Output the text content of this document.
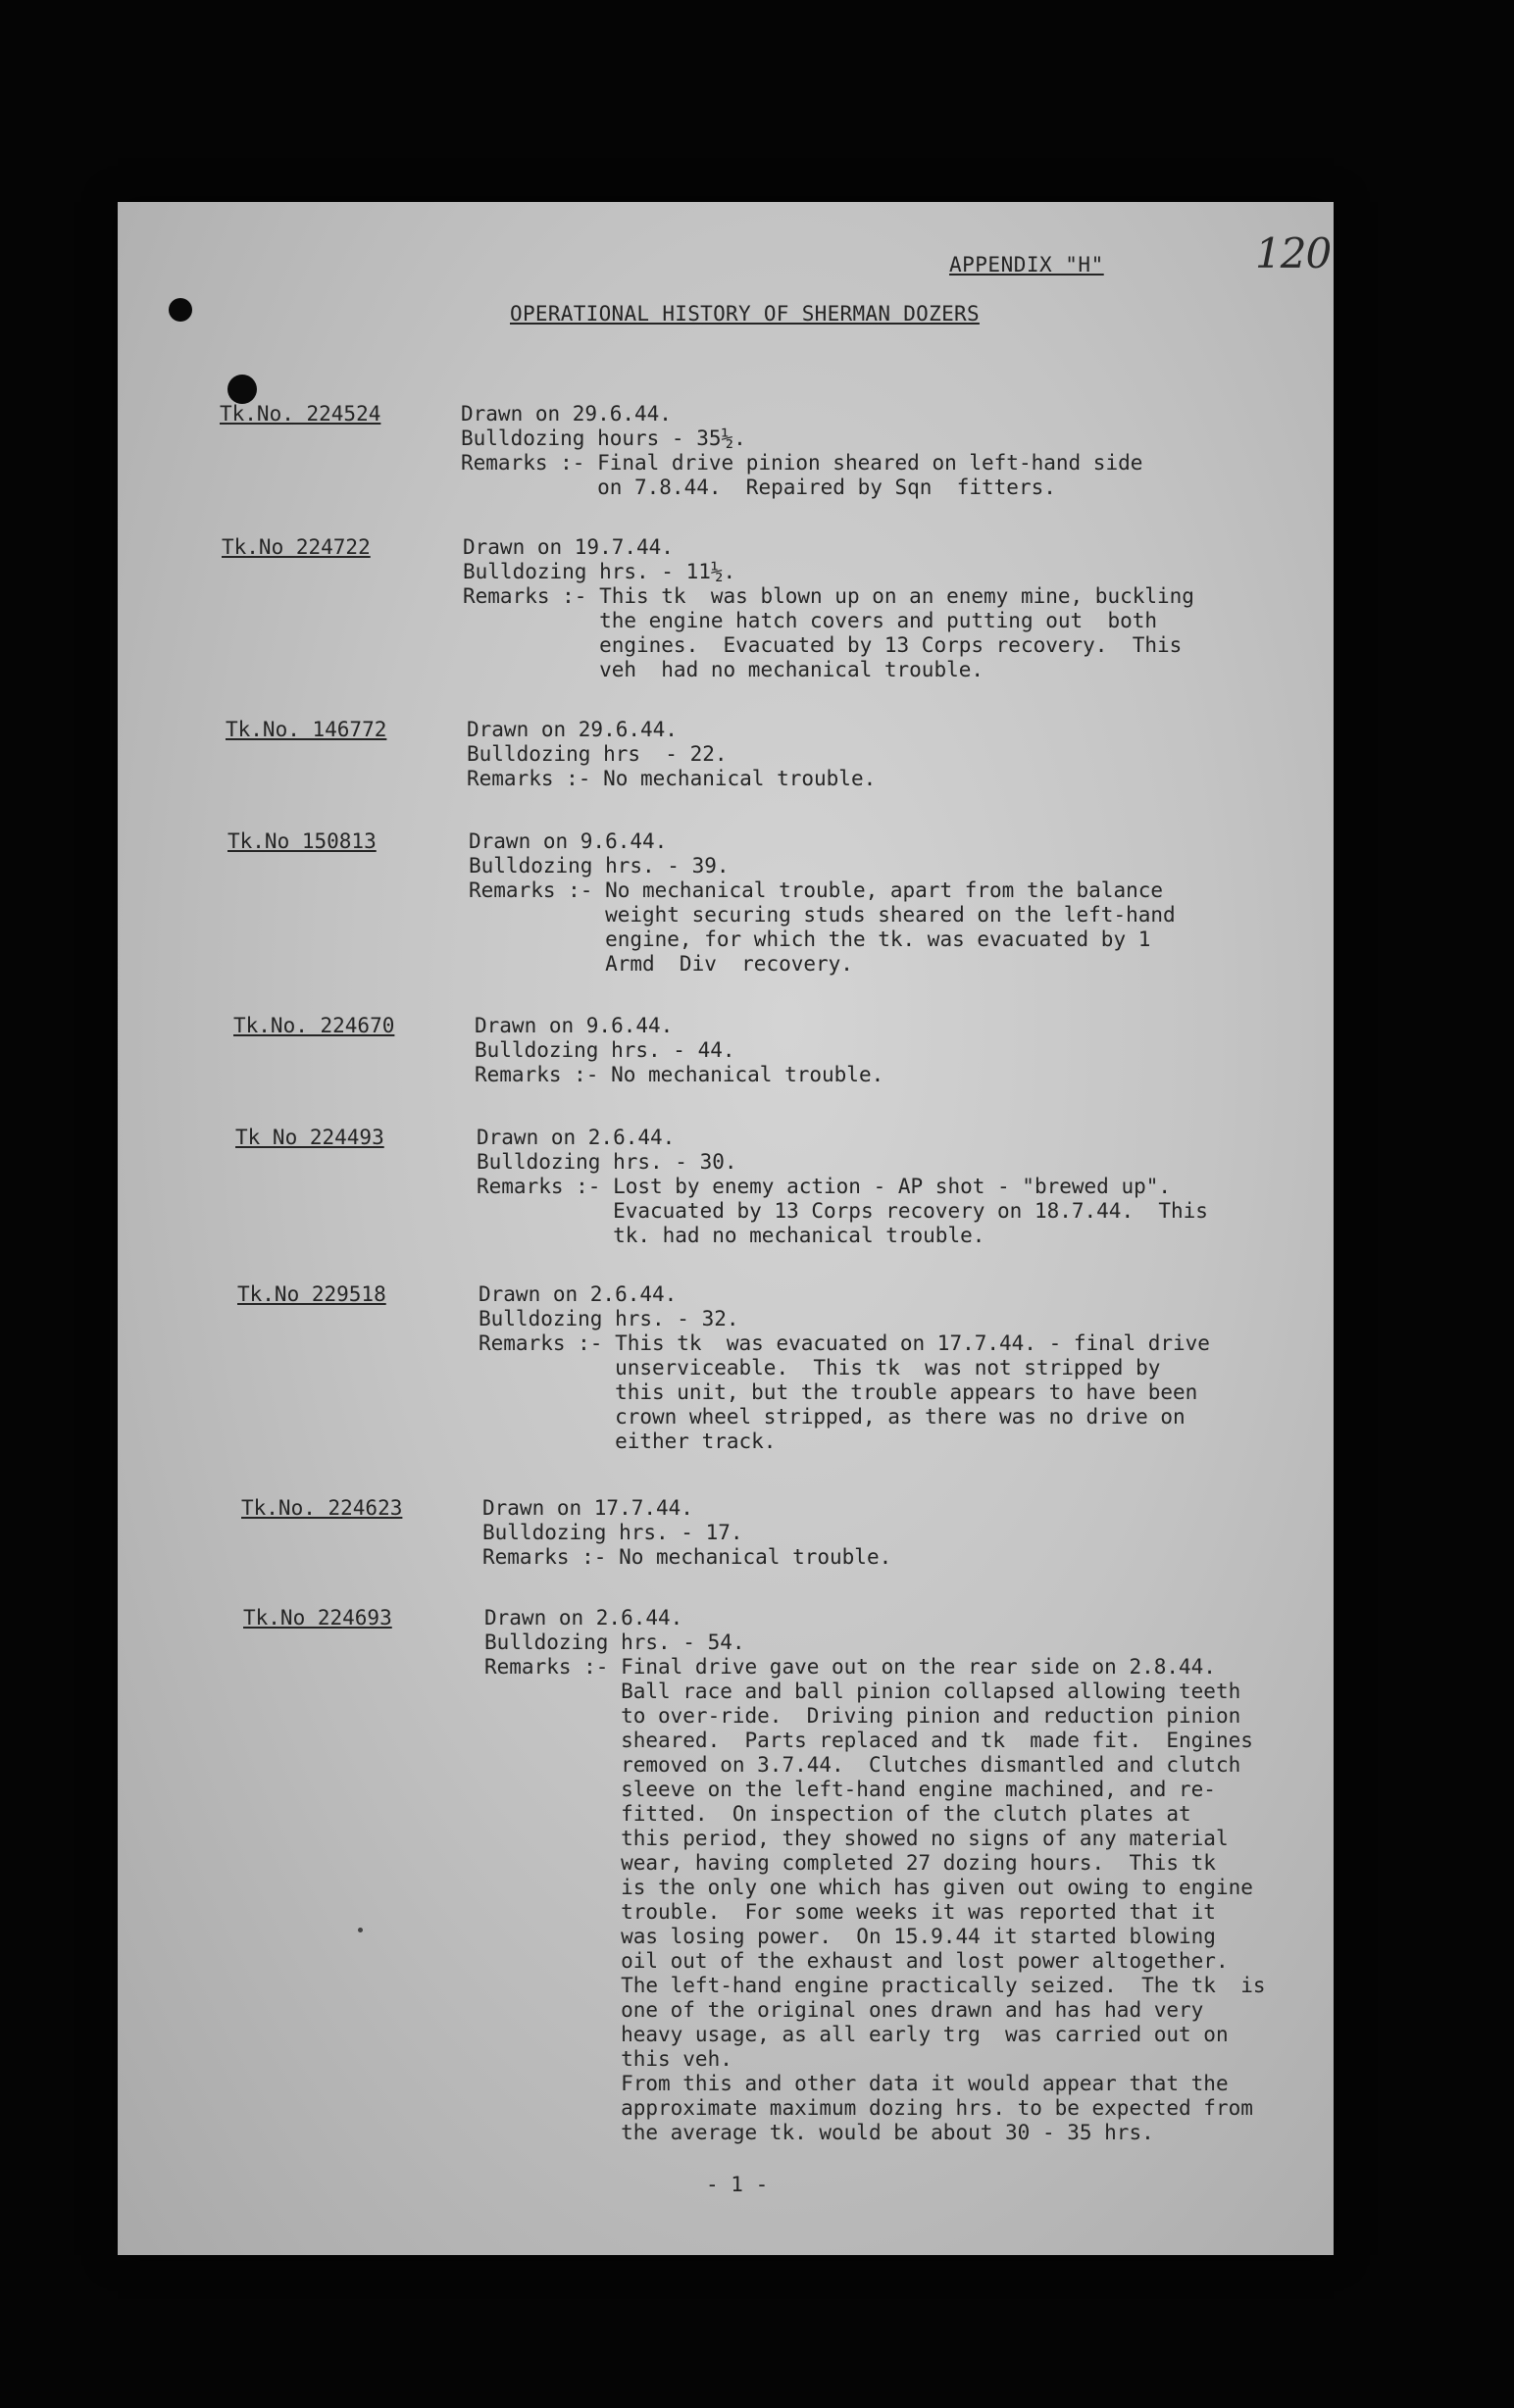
120
APPENDIX "H"
OPERATIONAL HISTORY OF SHERMAN DOZERS
Tk.No. 224524	Drawn on 29.6.44.
Bulldozing hours - 35½.
Remarks :- Final drive pinion sheared on left-hand side
on 7.8.44.  Repaired by Sqn  fitters.
Tk.No 224722	Drawn on 19.7.44.
Bulldozing hrs. - 11½.
Remarks :- This tk  was blown up on an enemy mine, buckling
the engine hatch covers and putting out  both
engines.  Evacuated by 13 Corps recovery.  This
veh  had no mechanical trouble.
Tk.No. 146772	Drawn on 29.6.44.
Bulldozing hrs  - 22.
Remarks :- No mechanical trouble.
Tk.No 150813	Drawn on 9.6.44.
Bulldozing hrs. - 39.
Remarks :- No mechanical trouble, apart from the balance
weight securing studs sheared on the left-hand
engine, for which the tk. was evacuated by 1
Armd  Div  recovery.
Tk.No. 224670	Drawn on 9.6.44.
Bulldozing hrs. - 44.
Remarks :- No mechanical trouble.
Tk No 224493	Drawn on 2.6.44.
Bulldozing hrs. - 30.
Remarks :- Lost by enemy action - AP shot - "brewed up".
Evacuated by 13 Corps recovery on 18.7.44.  This
tk. had no mechanical trouble.
Tk.No 229518	Drawn on 2.6.44.
Bulldozing hrs. - 32.
Remarks :- This tk  was evacuated on 17.7.44. - final drive
unserviceable.  This tk  was not stripped by
this unit, but the trouble appears to have been
crown wheel stripped, as there was no drive on
either track.
Tk.No. 224623	Drawn on 17.7.44.
Bulldozing hrs. - 17.
Remarks :- No mechanical trouble.
Tk.No 224693	Drawn on 2.6.44.
Bulldozing hrs. - 54.
Remarks :- Final drive gave out on the rear side on 2.8.44.
Ball race and ball pinion collapsed allowing teeth
to over-ride.  Driving pinion and reduction pinion
sheared.  Parts replaced and tk  made fit.  Engines
removed on 3.7.44.  Clutches dismantled and clutch
sleeve on the left-hand engine machined, and re-
fitted.  On inspection of the clutch plates at
this period, they showed no signs of any material
wear, having completed 27 dozing hours.  This tk
is the only one which has given out owing to engine
trouble.  For some weeks it was reported that it
was losing power.  On 15.9.44 it started blowing
oil out of the exhaust and lost power altogether.
The left-hand engine practically seized.  The tk  is
one of the original ones drawn and has had very
heavy usage, as all early trg  was carried out on
this veh.
From this and other data it would appear that the
approximate maximum dozing hrs. to be expected from
the average tk. would be about 30 - 35 hrs.
- 1 -
